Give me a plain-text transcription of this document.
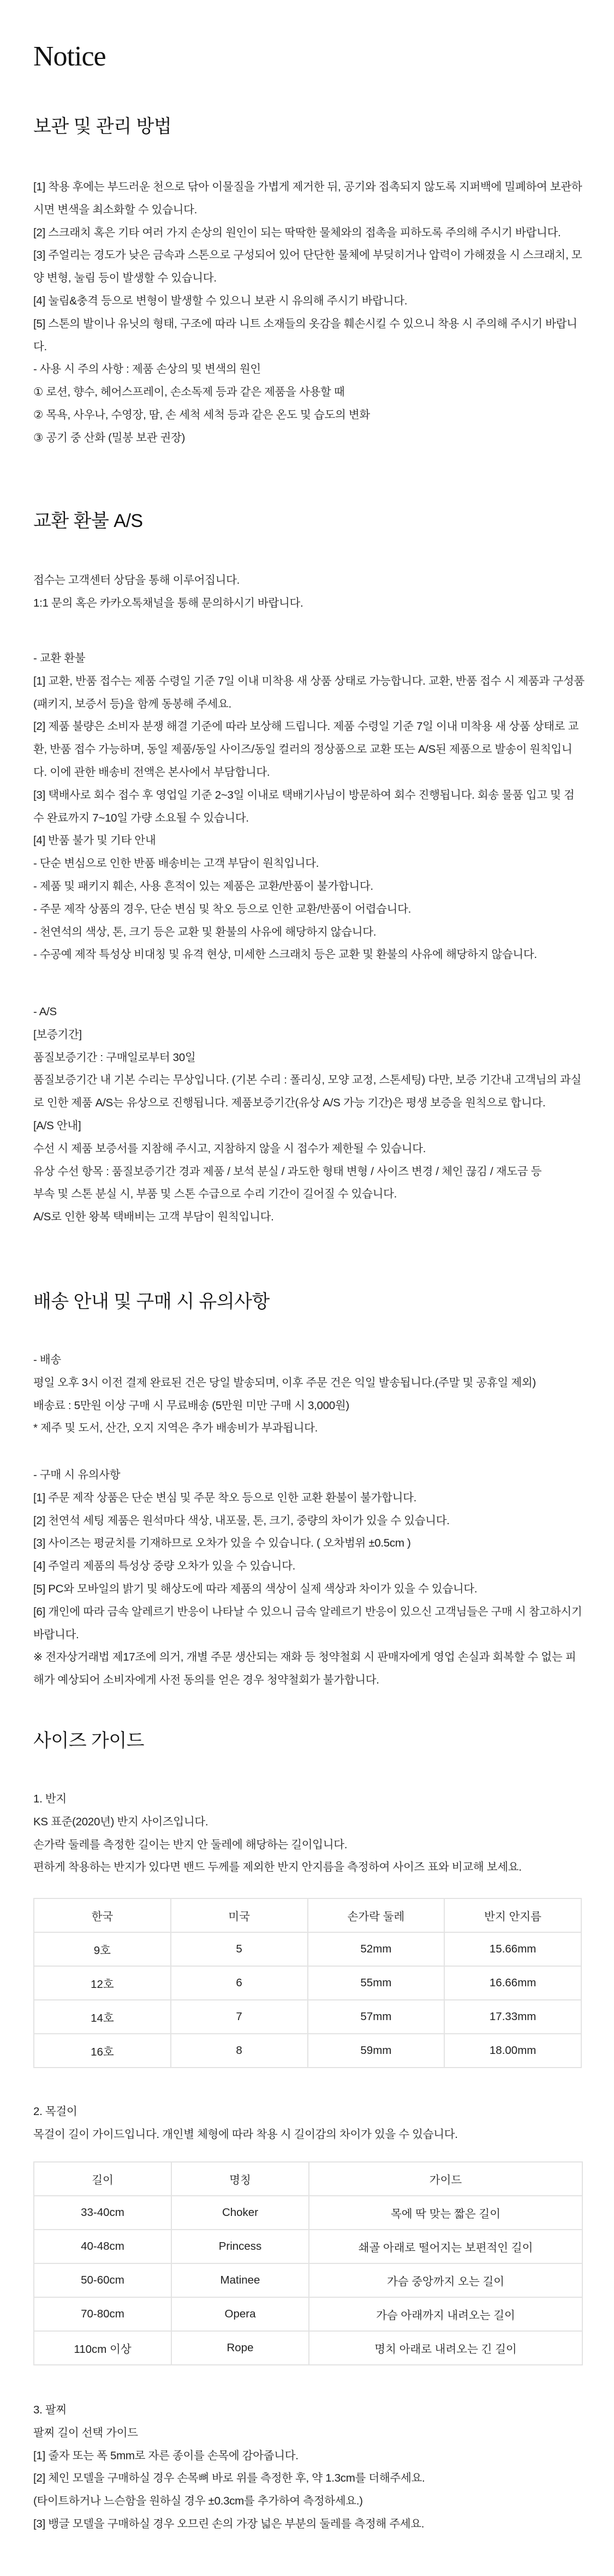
Notice
보관 및 관리 방법

[1] 착용 후에는 부드러운 천으로 닦아 이물질을 가볍게 제거한 뒤, 공기와 접촉되지 않도록 지퍼백에 밀폐하여 보관하시면 변색을 최소화할 수 있습니다.

[2] 스크래치 혹은 기타 여러 가지 손상의 원인이 되는 딱딱한 물체와의 접촉을 피하도록 주의해 주시기 바랍니다.

[3] 주얼리는 경도가 낮은 금속과 스톤으로 구성되어 있어 단단한 물체에 부딪히거나 압력이 가해졌을 시 스크래치, 모양 변형, 눌림 등이 발생할 수 있습니다.

[4] 눌림&충격 등으로 변형이 발생할 수 있으니 보관 시 유의해 주시기 바랍니다.

[5] 스톤의 발이나 유닛의 형태, 구조에 따라 니트 소재들의 옷감을 훼손시킬 수 있으니 착용 시 주의해 주시기 바랍니다.

- 사용 시 주의 사항 : 제품 손상의 및 변색의 원인

① 로션, 향수, 헤어스프레이, 손소독제 등과 같은 제품을 사용할 때

② 목욕, 사우나, 수영장, 땀, 손 세척 세척 등과 같은 온도 및 습도의 변화

③ 공기 중 산화 (밀봉 보관 권장)

교환 환불 A/S

접수는 고객센터 상담을 통해 이루어집니다.

1:1 문의 혹은 카카오톡채널을 통해 문의하시기 바랍니다.

- 교환 환불

[1] 교환, 반품 접수는 제품 수령일 기준 7일 이내 미착용 새 상품 상태로 가능합니다. 교환, 반품 접수 시 제품과 구성품(패키지, 보증서 등)을 함께 동봉해 주세요.

[2] 제품 불량은 소비자 분쟁 해결 기준에 따라 보상해 드립니다. 제품 수령일 기준 7일 이내 미착용 새 상품 상태로 교환, 반품 접수 가능하며, 동일 제품/동일 사이즈/동일 컬러의 정상품으로 교환 또는 A/S된 제품으로 발송이 원칙입니다. 이에 관한 배송비 전액은 본사에서 부담합니다.

[3] 택배사로 회수 접수 후 영업일 기준 2~3일 이내로 택배기사님이 방문하여 회수 진행됩니다. 회송 물품 입고 및 검수 완료까지 7~10일 가량 소요될 수 있습니다.

[4] 반품 불가 및 기타 안내

- 단순 변심으로 인한 반품 배송비는 고객 부담이 원칙입니다.

- 제품 및 패키지 훼손, 사용 흔적이 있는 제품은 교환/반품이 불가합니다.

- 주문 제작 상품의 경우, 단순 변심 및 착오 등으로 인한 교환/반품이 어렵습니다.

- 천연석의 색상, 톤, 크기 등은 교환 및 환불의 사유에 해당하지 않습니다.

- 수공예 제작 특성상 비대칭 및 유격 현상, 미세한 스크래치 등은 교환 및 환불의 사유에 해당하지 않습니다.

- A/S

[보증기간]

품질보증기간 : 구매일로부터 30일

품질보증기간 내 기본 수리는 무상입니다. (기본 수리 : 폴리싱, 모양 교정, 스톤세팅) 다만, 보증 기간내 고객님의 과실로 인한 제품 A/S는 유상으로 진행됩니다. 제품보증기간(유상 A/S 가능 기간)은 평생 보증을 원칙으로 합니다.

[A/S 안내]

수선 시 제품 보증서를 지참해 주시고, 지참하지 않을 시 접수가 제한될 수 있습니다.

유상 수선 항목 : 품질보증기간 경과 제품 / 보석 분실 / 과도한 형태 변형 / 사이즈 변경 / 체인 끊김 / 재도금 등

부속 및 스톤 분실 시, 부품 및 스톤 수급으로 수리 기간이 길어질 수 있습니다.

A/S로 인한 왕복 택배비는 고객 부담이 원칙입니다.

배송 안내 및 구매 시 유의사항

- 배송

평일 오후 3시 이전 결제 완료된 건은 당일 발송되며, 이후 주문 건은 익일 발송됩니다.(주말 및 공휴일 제외)

배송료 : 5만원 이상 구매 시 무료배송 (5만원 미만 구매 시 3,000원)

* 제주 및 도서, 산간, 오지 지역은 추가 배송비가 부과됩니다.

- 구매 시 유의사항

[1] 주문 제작 상품은 단순 변심 및 주문 착오 등으로 인한 교환 환불이 불가합니다.

[2] 천연석 세팅 제품은 원석마다 색상, 내포물, 톤, 크기, 중량의 차이가 있을 수 있습니다.

[3] 사이즈는 평균치를 기재하므로 오차가 있을 수 있습니다. ( 오차범위 ±0.5cm )

[4] 주얼리 제품의 특성상 중량 오차가 있을 수 있습니다.

[5] PC와 모바일의 밝기 및 해상도에 따라 제품의 색상이 실제 색상과 차이가 있을 수 있습니다.

[6] 개인에 따라 금속 알레르기 반응이 나타날 수 있으니 금속 알레르기 반응이 있으신 고객님들은 구매 시 참고하시기 바랍니다.

※ 전자상거래법 제17조에 의거, 개별 주문 생산되는 재화 등 청약철회 시 판매자에게 영업 손실과 회복할 수 없는 피해가 예상되어 소비자에게 사전 동의를 얻은 경우 청약철회가 불가합니다.

사이즈 가이드

1. 반지

KS 표준(2020년) 반지 사이즈입니다.

손가락 둘레를 측정한 길이는 반지 안 둘레에 해당하는 길이입니다.

편하게 착용하는 반지가 있다면 밴드 두께를 제외한 반지 안지름을 측정하여 사이즈 표와 비교해 보세요.

한국	미국	손가락 둘레	반지 안지름
9호	5	52mm	15.66mm
12호	6	55mm	16.66mm
14호	7	57mm	17.33mm
16호	8	59mm	18.00mm

2. 목걸이

목걸이 길이 가이드입니다. 개인별 체형에 따라 착용 시 길이감의 차이가 있을 수 있습니다.

길이	명칭	가이드
33-40cm	Choker	목에 딱 맞는 짧은 길이
40-48cm	Princess	쇄골 아래로 떨어지는 보편적인 길이
50-60cm	Matinee	가슴 중앙까지 오는 길이
70-80cm	Opera	가슴 아래까지 내려오는 길이
110cm 이상	Rope	명치 아래로 내려오는 긴 길이

3. 팔찌

팔찌 길이 선택 가이드

[1] 줄자 또는 폭 5mm로 자른 종이를 손목에 감아줍니다.

[2] 체인 모델을 구매하실 경우 손목뼈 바로 위를 측정한 후, 약 1.3cm를 더해주세요.

(타이트하거나 느슨함을 원하실 경우 ±0.3cm를 추가하여 측정하세요.)

[3] 뱅글 모델을 구매하실 경우 오므린 손의 가장 넓은 부분의 둘레를 측정해 주세요.
